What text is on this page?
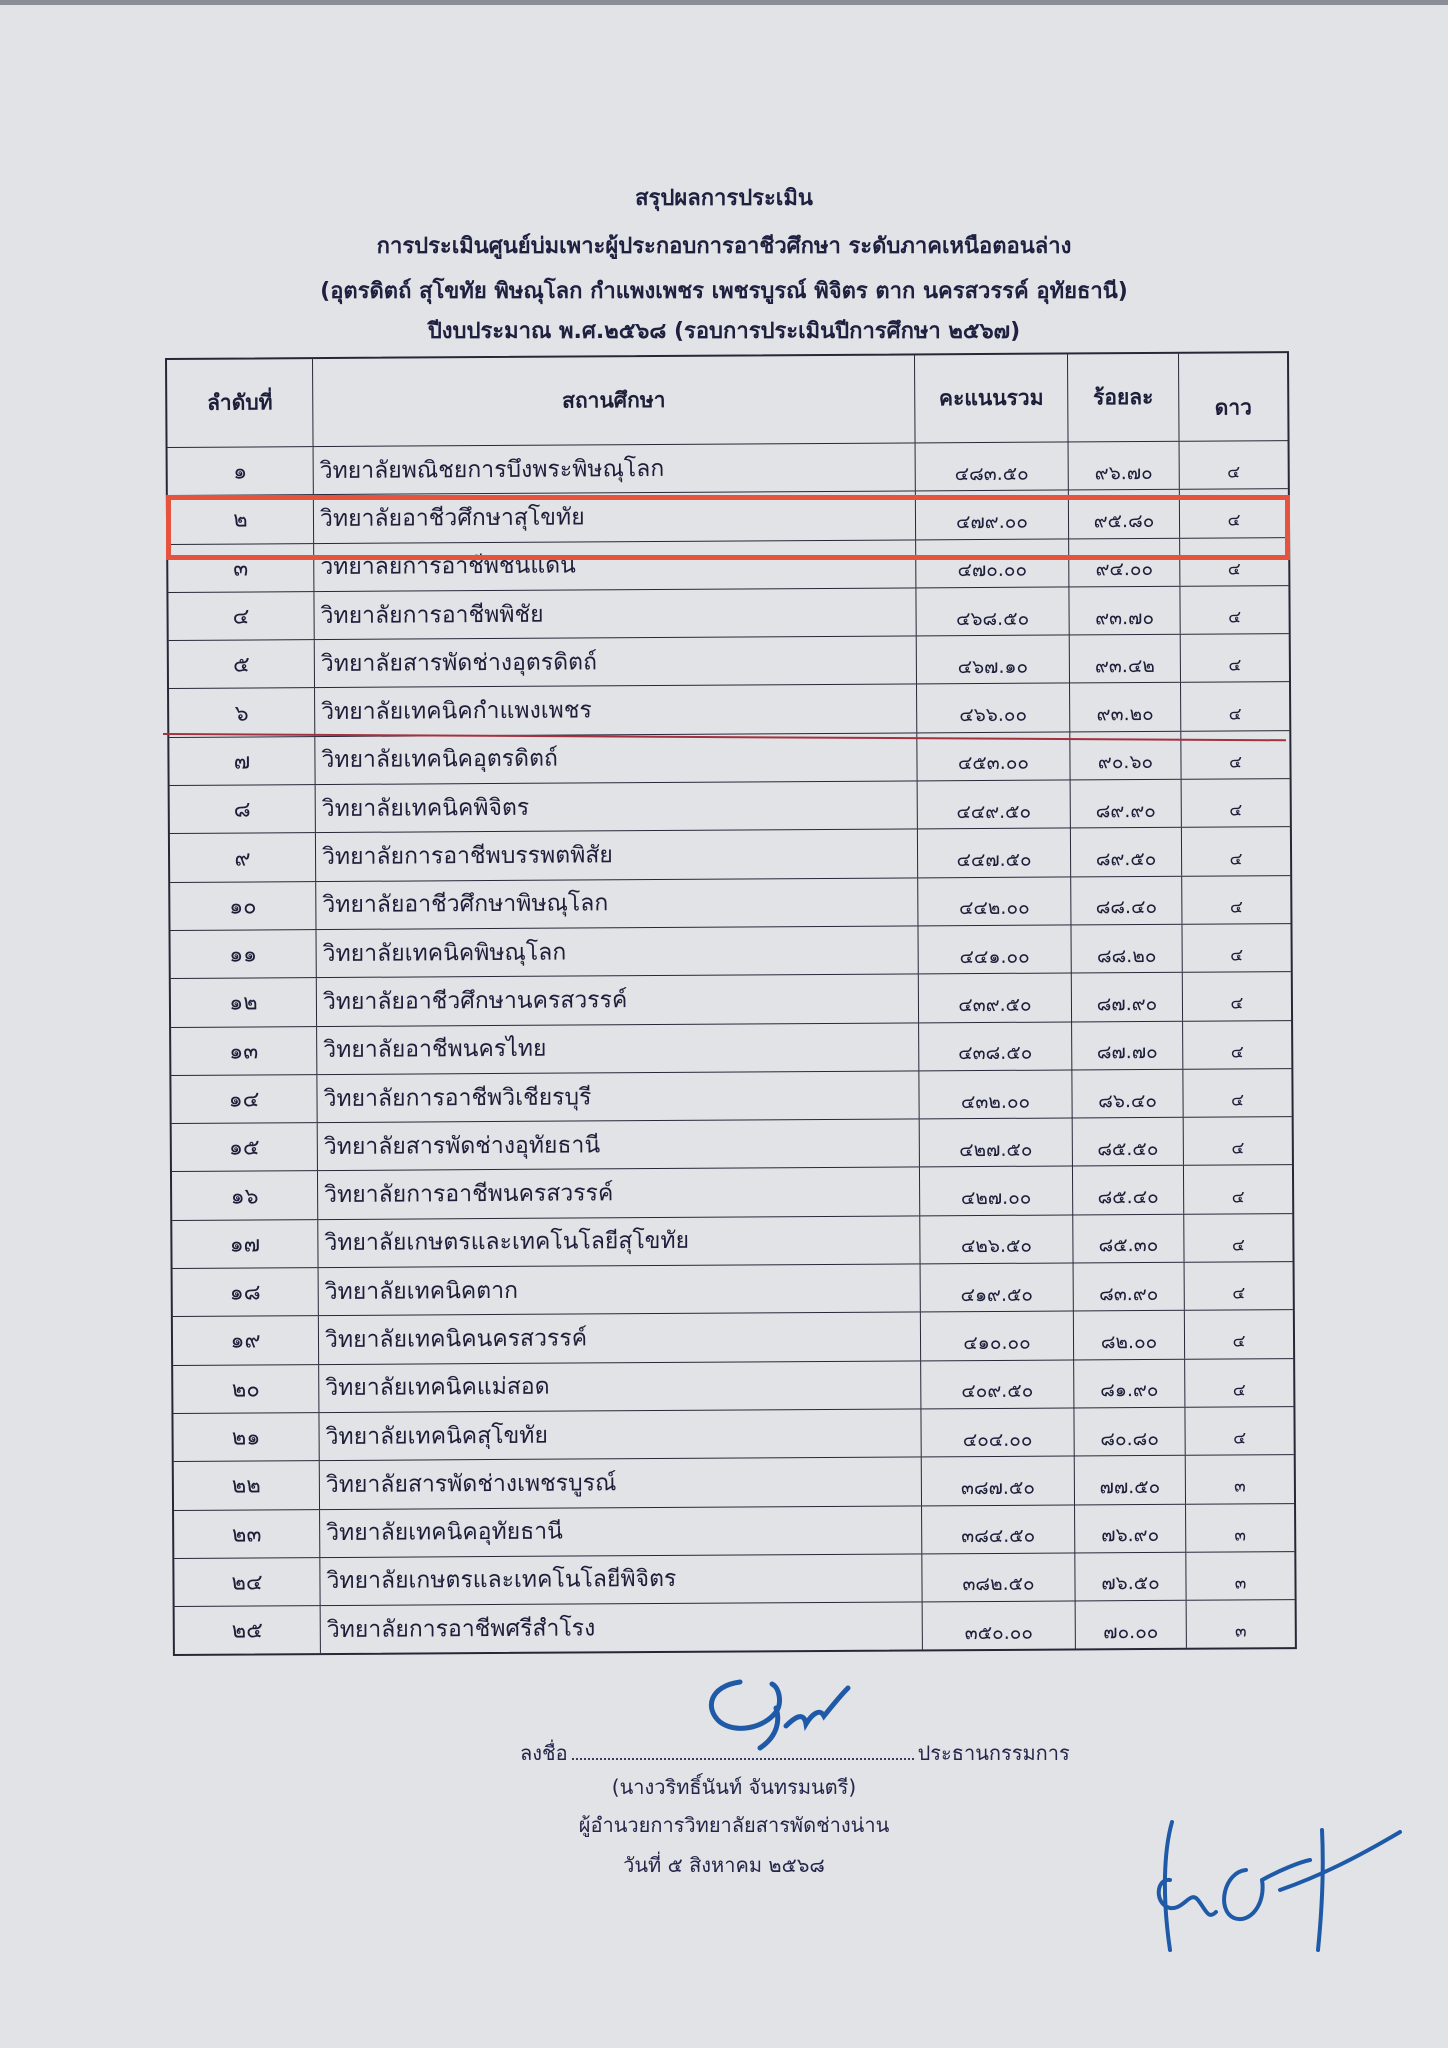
สรุปผลการประเมิน
การประเมินศูนย์บ่มเพาะผู้ประกอบการอาชีวศึกษา ระดับภาคเหนือตอนล่าง
(อุตรดิตถ์ สุโขทัย พิษณุโลก กำแพงเพชร เพชรบูรณ์ พิจิตร ตาก นครสวรรค์ อุทัยธานี)
ปีงบประมาณ พ.ศ.๒๕๖๘ (รอบการประเมินปีการศึกษา ๒๕๖๗)
ลำดับที่	สถานศึกษา	คะแนนรวม	ร้อยละ	ดาว
๑	วิทยาลัยพณิชยการบึงพระพิษณุโลก	๔๘๓.๕๐	๙๖.๗๐	๔
๒	วิทยาลัยอาชีวศึกษาสุโขทัย	๔๗๙.๐๐	๙๕.๘๐	๔
๓	วิทยาลัยการอาชีพชนแดน	๔๗๐.๐๐	๙๔.๐๐	๔
๔	วิทยาลัยการอาชีพพิชัย	๔๖๘.๕๐	๙๓.๗๐	๔
๕	วิทยาลัยสารพัดช่างอุตรดิตถ์	๔๖๗.๑๐	๙๓.๔๒	๔
๖	วิทยาลัยเทคนิคกำแพงเพชร	๔๖๖.๐๐	๙๓.๒๐	๔
๗	วิทยาลัยเทคนิคอุตรดิตถ์	๔๕๓.๐๐	๙๐.๖๐	๔
๘	วิทยาลัยเทคนิคพิจิตร	๔๔๙.๕๐	๘๙.๙๐	๔
๙	วิทยาลัยการอาชีพบรรพตพิสัย	๔๔๗.๕๐	๘๙.๕๐	๔
๑๐	วิทยาลัยอาชีวศึกษาพิษณุโลก	๔๔๒.๐๐	๘๘.๔๐	๔
๑๑	วิทยาลัยเทคนิคพิษณุโลก	๔๔๑.๐๐	๘๘.๒๐	๔
๑๒	วิทยาลัยอาชีวศึกษานครสวรรค์	๔๓๙.๕๐	๘๗.๙๐	๔
๑๓	วิทยาลัยอาชีพนครไทย	๔๓๘.๕๐	๘๗.๗๐	๔
๑๔	วิทยาลัยการอาชีพวิเชียรบุรี	๔๓๒.๐๐	๘๖.๔๐	๔
๑๕	วิทยาลัยสารพัดช่างอุทัยธานี	๔๒๗.๕๐	๘๕.๕๐	๔
๑๖	วิทยาลัยการอาชีพนครสวรรค์	๔๒๗.๐๐	๘๕.๔๐	๔
๑๗	วิทยาลัยเกษตรและเทคโนโลยีสุโขทัย	๔๒๖.๕๐	๘๕.๓๐	๔
๑๘	วิทยาลัยเทคนิคตาก	๔๑๙.๕๐	๘๓.๙๐	๔
๑๙	วิทยาลัยเทคนิคนครสวรรค์	๔๑๐.๐๐	๘๒.๐๐	๔
๒๐	วิทยาลัยเทคนิคแม่สอด	๔๐๙.๕๐	๘๑.๙๐	๔
๒๑	วิทยาลัยเทคนิคสุโขทัย	๔๐๔.๐๐	๘๐.๘๐	๔
๒๒	วิทยาลัยสารพัดช่างเพชรบูรณ์	๓๘๗.๕๐	๗๗.๕๐	๓
๒๓	วิทยาลัยเทคนิคอุทัยธานี	๓๘๔.๕๐	๗๖.๙๐	๓
๒๔	วิทยาลัยเกษตรและเทคโนโลยีพิจิตร	๓๘๒.๕๐	๗๖.๕๐	๓
๒๕	วิทยาลัยการอาชีพศรีสำโรง	๓๕๐.๐๐	๗๐.๐๐	๓
ลงชื่อ	ประธานกรรมการ
(นางวริทธิ์นันท์ จันทรมนตรี)
ผู้อำนวยการวิทยาลัยสารพัดช่างน่าน
วันที่ ๕ สิงหาคม ๒๕๖๘
